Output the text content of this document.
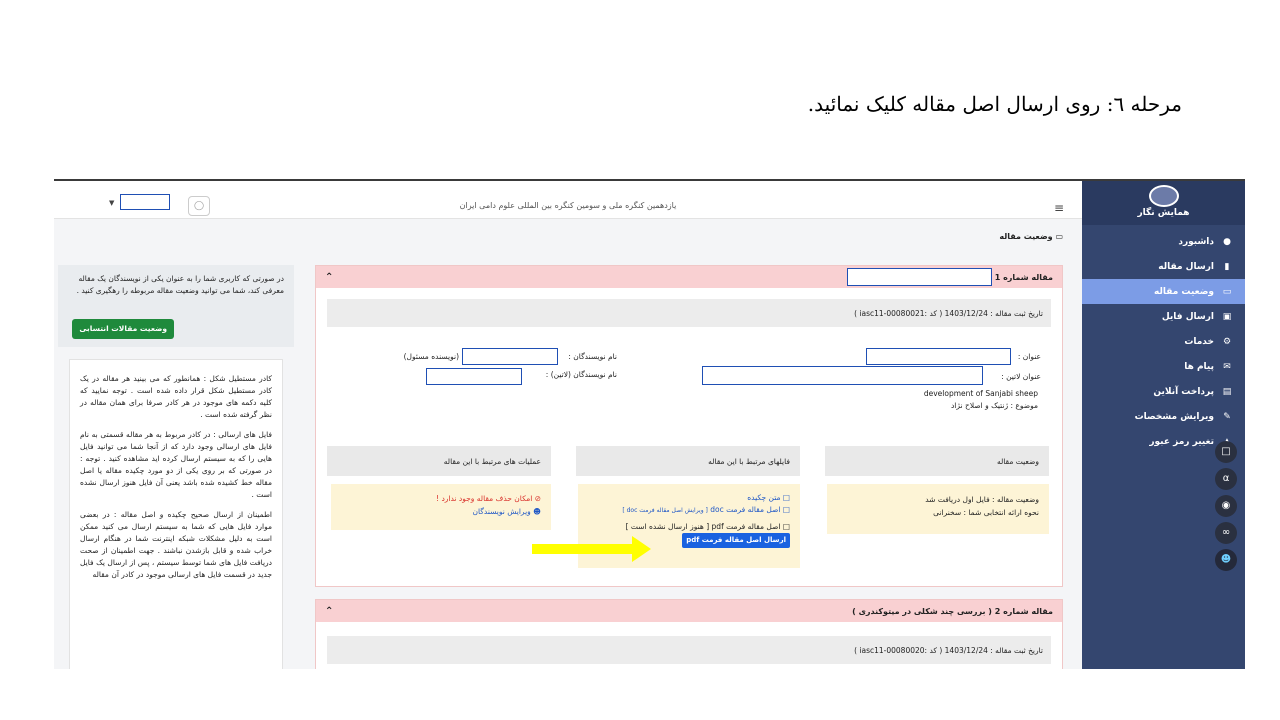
مرحله ٦: روی ارسال اصل مقاله کلیک نمائید.
همایش نگار
●
داشبورد
▮
ارسال مقاله
▭
وضعیت مقاله
▣
ارسال فایل
⚙
خدمات
✉
پیام ها
▤
پرداخت آنلاین
✎
ویرایش مشخصات
تغییر رمز عبور
□
α
◉
∞
☻
یازدهمین کنگره ملی و سومین کنگره بین المللی علوم دامی ایران	≡
▼	◯
▭ وضعیت مقاله
در صورتی که کاربری شما را به عنوان یکی از نویسندگان یک مقاله معرفی کند، شما می توانید وضعیت مقاله مربوطه را رهگیری کنید .
وضعیت مقالات انتسابی

کادر مستطیل شکل : همانطور که می بینید هر مقاله در یک کادر مستطیل شکل قرار داده شده است . توجه نمایید که کلیه دکمه های موجود در هر کادر صرفا برای همان مقاله در نظر گرفته شده است .

فایل های ارسالی : در کادر مربوط به هر مقاله قسمتی به نام فایل های ارسالی وجود دارد که از آنجا شما می توانید فایل هایی را که به سیستم ارسال کرده اید مشاهده کنید . توجه : در صورتی که بر روی یکی از دو مورد چکیده مقاله یا اصل مقاله خط کشیده شده باشد یعنی آن فایل هنوز ارسال نشده است .

اطمینان از ارسال صحیح چکیده و اصل مقاله : در بعضی موارد فایل هایی که شما به سیستم ارسال می کنید ممکن است به دلیل مشکلات شبکه اینترنت شما در هنگام ارسال خراب شده و قابل بازشدن نباشند . جهت اطمینان از صحت دریافت فایل های شما توسط سیستم ، پس از ارسال یک فایل جدید در قسمت فایل های ارسالی موجود در کادر آن مقاله

مقاله شماره 1
⌃
تاریخ ثبت مقاله : 1403/12/24 ( کد :iasc11-00080021 )
عنوان :
عنوان لاتین :
development of Sanjabi sheep
موضوع : ژنتیک و اصلاح نژاد
نام نویسندگان :
(نویسنده مسئول)
نام نویسندگان (لاتین) :
وضعیت مقاله
فایلهای مرتبط با این مقاله
عملیات های مرتبط با این مقاله
وضعیت مقاله : فایل اول دریافت شد
نحوه ارائه انتخابی شما : سخنرانی
□ متن چکیده
□ اصل مقاله فرمت doc [ ویرایش اصل مقاله فرمت doc ]
□ اصل مقاله فرمت pdf [ هنوز ارسال نشده است ]
ارسال اصل مقاله فرمت pdf
⊘ امکان حذف مقاله وجود ندارد !
☻ ویرایش نویسندگان
مقاله شماره 2 ( بررسی چند شکلی در میتوکندری )
⌃
تاریخ ثبت مقاله : 1403/12/24 ( کد :iasc11-00080020 )
